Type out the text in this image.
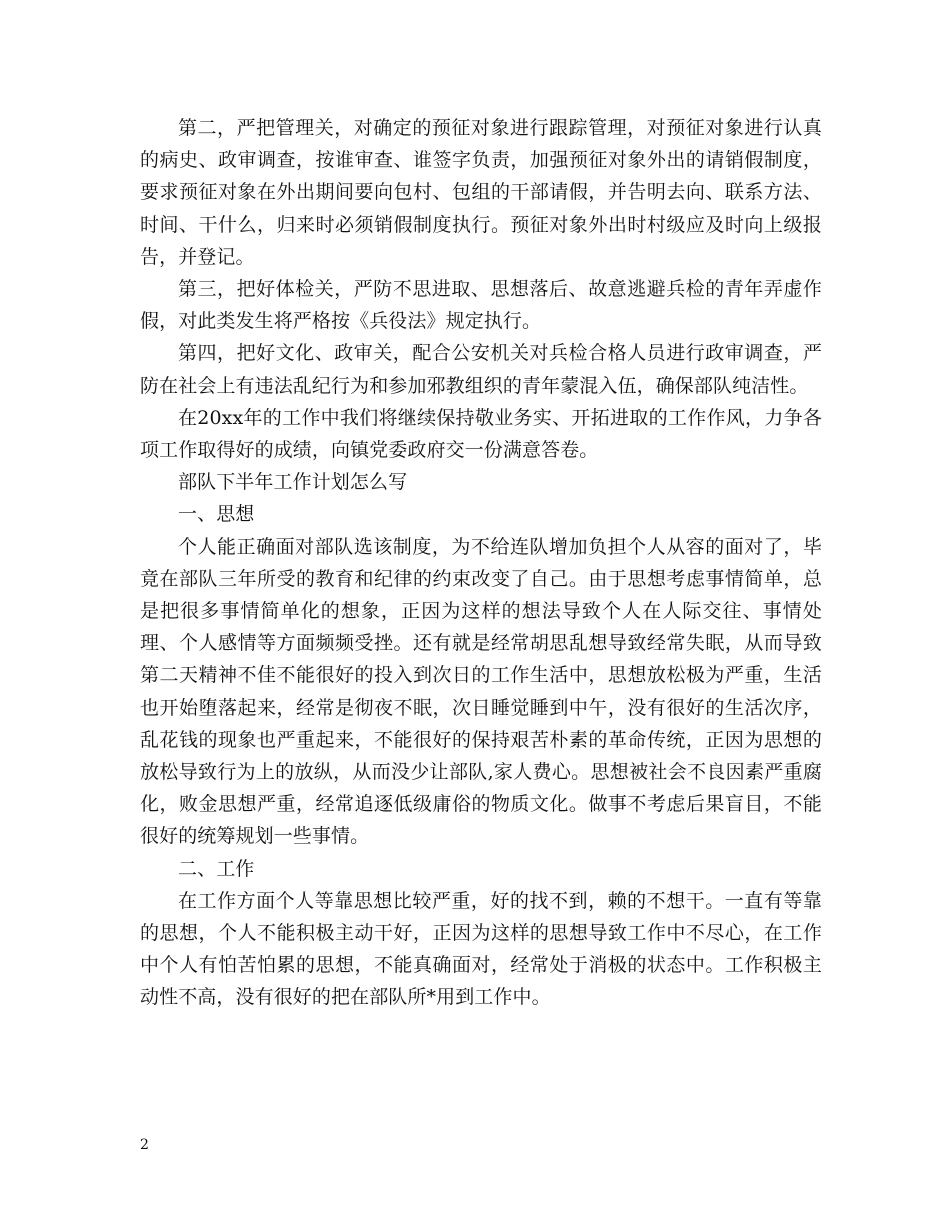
第二，严把管理关，对确定的预征对象进行跟踪管理，对预征对象进行认真的病史、政审调查，按谁审查、谁签字负责，加强预征对象外出的请销假制度，要求预征对象在外出期间要向包村、包组的干部请假，并告明去向、联系方法、时间、干什么，归来时必须销假制度执行。预征对象外出时村级应及时向上级报告，并登记。

第三，把好体检关，严防不思进取、思想落后、故意逃避兵检的青年弄虚作假，对此类发生将严格按《兵役法》规定执行。

第四，把好文化、政审关，配合公安机关对兵检合格人员进行政审调查，严防在社会上有违法乱纪行为和参加邪教组织的青年蒙混入伍，确保部队纯洁性。

在20xx年的工作中我们将继续保持敬业务实、开拓进取的工作作风，力争各项工作取得好的成绩，向镇党委政府交一份满意答卷。

部队下半年工作计划怎么写

一、思想

个人能正确面对部队选该制度，为不给连队增加负担个人从容的面对了，毕竟在部队三年所受的教育和纪律的约束改变了自己。由于思想考虑事情简单，总是把很多事情简单化的想象，正因为这样的想法导致个人在人际交往、事情处理、个人感情等方面频频受挫。还有就是经常胡思乱想导致经常失眠，从而导致第二天精神不佳不能很好的投入到次日的工作生活中，思想放松极为严重，生活也开始堕落起来，经常是彻夜不眠，次日睡觉睡到中午，没有很好的生活次序，乱花钱的现象也严重起来，不能很好的保持艰苦朴素的革命传统，正因为思想的放松导致行为上的放纵，从而没少让部队,家人费心。思想被社会不良因素严重腐化，败金思想严重，经常追逐低级庸俗的物质文化。做事不考虑后果盲目，不能很好的统筹规划一些事情。

二、工作

在工作方面个人等靠思想比较严重，好的找不到，赖的不想干。一直有等靠的思想，个人不能积极主动干好，正因为这样的思想导致工作中不尽心，在工作中个人有怕苦怕累的思想，不能真确面对，经常处于消极的状态中。工作积极主动性不高，没有很好的把在部队所*用到工作中。

2
